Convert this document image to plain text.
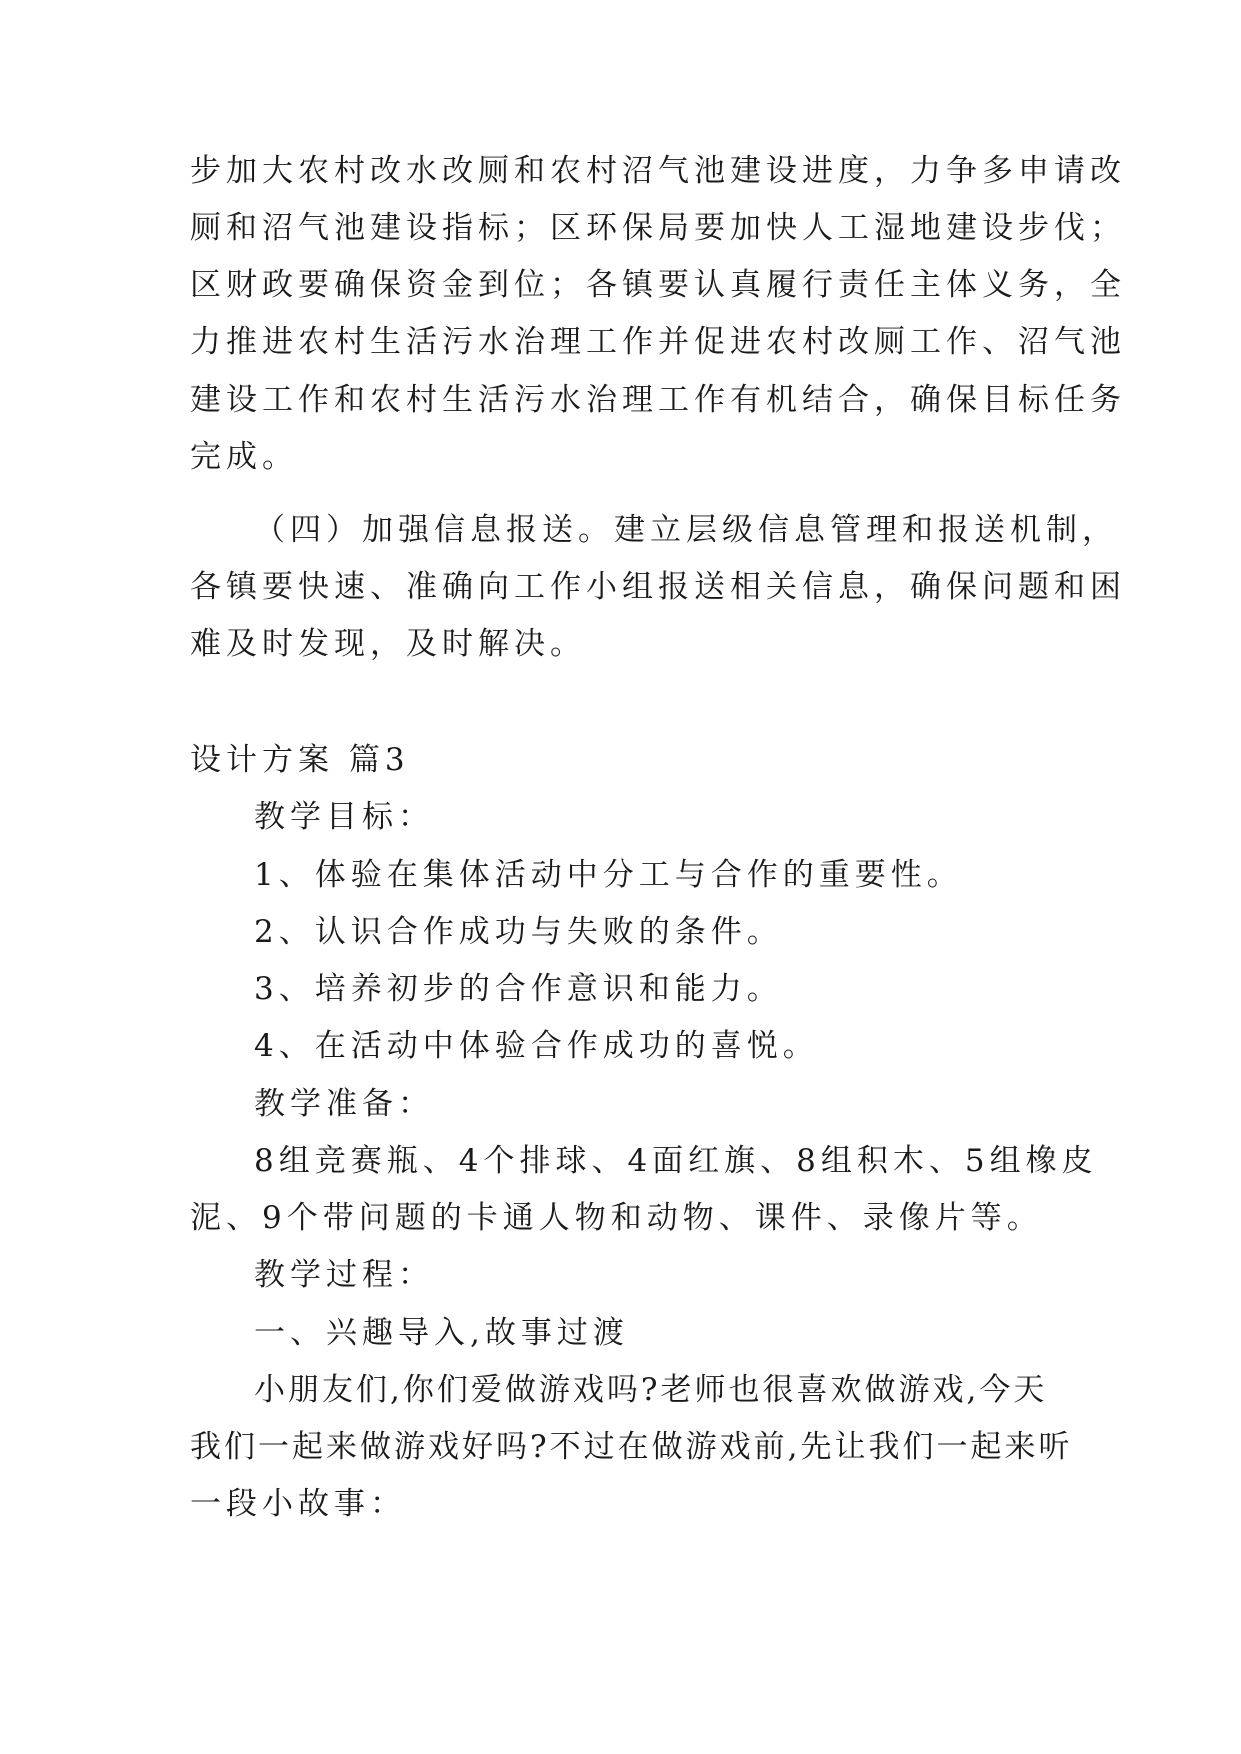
步加大农村改水改厕和农村沼气池建设进度，力争多申请改

厕和沼气池建设指标；区环保局要加快人工湿地建设步伐；

区财政要确保资金到位；各镇要认真履行责任主体义务，全

力推进农村生活污水治理工作并促进农村改厕工作、沼气池

建设工作和农村生活污水治理工作有机结合，确保目标任务

完成。

（四）加强信息报送。建立层级信息管理和报送机制，

各镇要快速、准确向工作小组报送相关信息，确保问题和困

难及时发现，及时解决。

设计方案 篇3

教学目标：

1、体验在集体活动中分工与合作的重要性。

2、认识合作成功与失败的条件。

3、培养初步的合作意识和能力。

4、在活动中体验合作成功的喜悦。

教学准备：

8组竞赛瓶、4个排球、4面红旗、8组积木、5组橡皮

泥、9个带问题的卡通人物和动物、课件、录像片等。

教学过程：

一、兴趣导入,故事过渡

小朋友们,你们爱做游戏吗?老师也很喜欢做游戏,今天

我们一起来做游戏好吗?不过在做游戏前,先让我们一起来听

一段小故事：
